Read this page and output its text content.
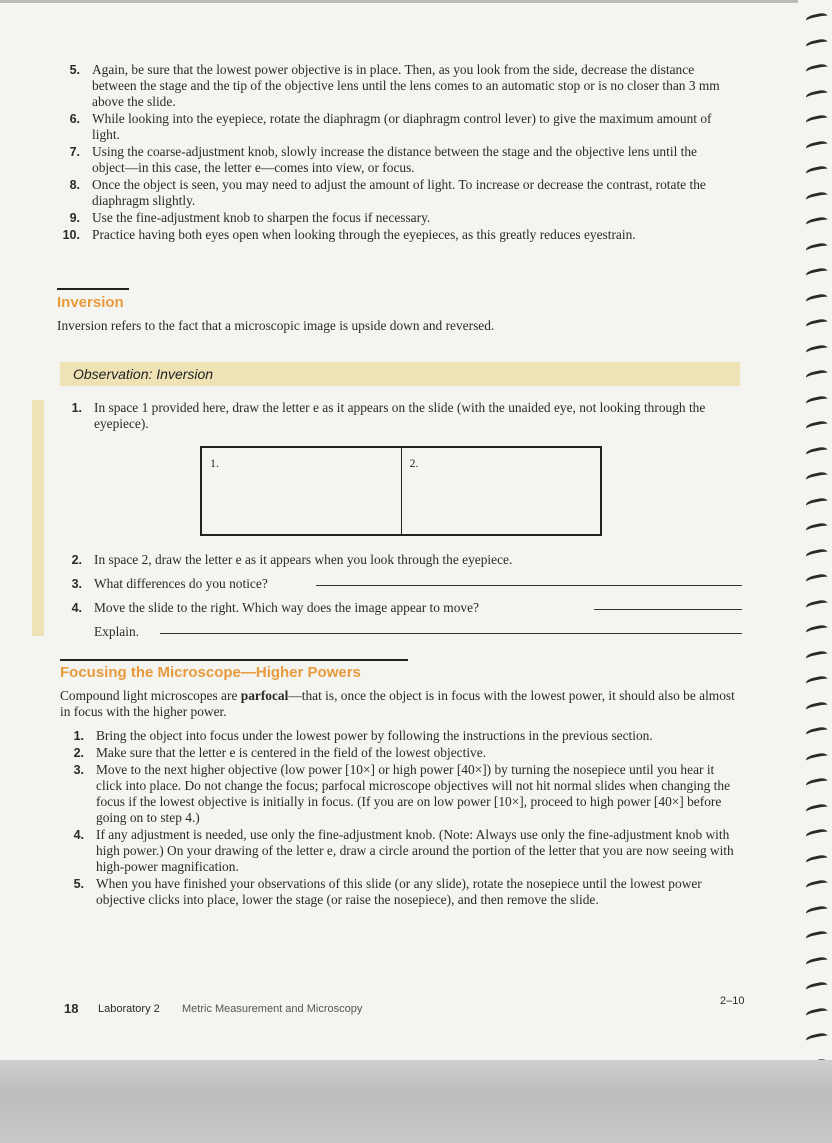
5. Again, be sure that the lowest power objective is in place. Then, as you look from the side, decrease the distance between the stage and the tip of the objective lens until the lens comes to an automatic stop or is no closer than 3 mm above the slide.
6. While looking into the eyepiece, rotate the diaphragm (or diaphragm control lever) to give the maximum amount of light.
7. Using the coarse-adjustment knob, slowly increase the distance between the stage and the objective lens until the object—in this case, the letter e—comes into view, or focus.
8. Once the object is seen, you may need to adjust the amount of light. To increase or decrease the contrast, rotate the diaphragm slightly.
9. Use the fine-adjustment knob to sharpen the focus if necessary.
10. Practice having both eyes open when looking through the eyepieces, as this greatly reduces eyestrain.
Inversion
Inversion refers to the fact that a microscopic image is upside down and reversed.
Observation: Inversion
1. In space 1 provided here, draw the letter e as it appears on the slide (with the unaided eye, not looking through the eyepiece).
1.	2.
2. In space 2, draw the letter e as it appears when you look through the eyepiece.
3. What differences do you notice?
4. Move the slide to the right. Which way does the image appear to move?
Explain.
Focusing the Microscope—Higher Powers
Compound light microscopes are parfocal—that is, once the object is in focus with the lowest power, it should also be almost in focus with the higher power.
1. Bring the object into focus under the lowest power by following the instructions in the previous section.
2. Make sure that the letter e is centered in the field of the lowest objective.
3. Move to the next higher objective (low power [10×] or high power [40×]) by turning the nosepiece until you hear it click into place. Do not change the focus; parfocal microscope objectives will not hit normal slides when changing the focus if the lowest objective is initially in focus. (If you are on low power [10×], proceed to high power [40×] before going on to step 4.)
4. If any adjustment is needed, use only the fine-adjustment knob. (Note: Always use only the fine-adjustment knob with high power.) On your drawing of the letter e, draw a circle around the portion of the letter that you are now seeing with high-power magnification.
5. When you have finished your observations of this slide (or any slide), rotate the nosepiece until the lowest power objective clicks into place, lower the stage (or raise the nosepiece), and then remove the slide.
18 Laboratory 2 Metric Measurement and Microscopy
2–10
